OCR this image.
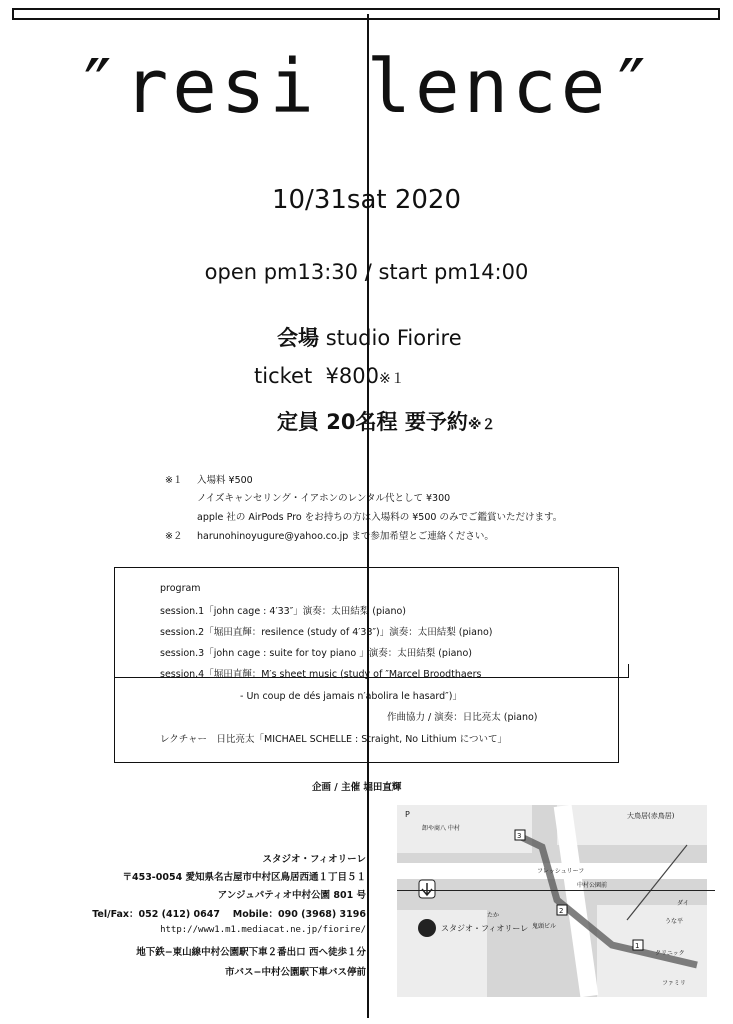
″resi lence″
10/31sat 2020
open pm13:30 / start pm14:00
会場 studio Fiorire
ticket ¥800※１
定員 20名程 要予約※２
※１ 入場料 ¥500
ノイズキャンセリング・イアホンのレンタル代として ¥300
apple 社の AirPods Pro をお持ちの方は入場料の ¥500 のみでご鑑賞いただけます。
※２ harunohinoyugure@yahoo.co.jp まで参加希望とご連絡ください。
program
session.1「john cage : 4′33″」演奏：太田結梨 (piano)
session.2「堀田直輝：resilence (study of 4′33″)」演奏：太田結梨 (piano)
session.3「john cage : suite for toy piano 」演奏：太田結梨 (piano)
session.4「堀田直輝：M′s sheet music (study of ″Marcel Broodthaers
- Un coup de dés jamais n′abolira le hasard″)」
作曲協力 / 演奏：日比亮太 (piano)
レクチャー　日比亮太「MICHAEL SCHELLE : Straight, No Lithium について」
企画 / 主催 堀田直輝
スタジオ・フィオリーレ
〒453-0054 愛知県名古屋市中村区鳥居西通１丁目５１
アンジュパティオ中村公園 801 号
Tel/Fax：052 (412) 0647　 Mobile：090 (3968) 3196
http://www1.m1.mediacat.ne.jp/fiorire/
地下鉄−東山線中村公園駅下車２番出口 西へ徒歩１分
市バス−中村公園駅下車バス停前
P
スタジオ・フィオリーレ
大鳥居(赤鳥居)
卸や商八 中村
フレッシュリーフ
中村公園前
鬼頭ビル
クリニック
ファミリ
ダイ
うな平
たか
3
2
1
